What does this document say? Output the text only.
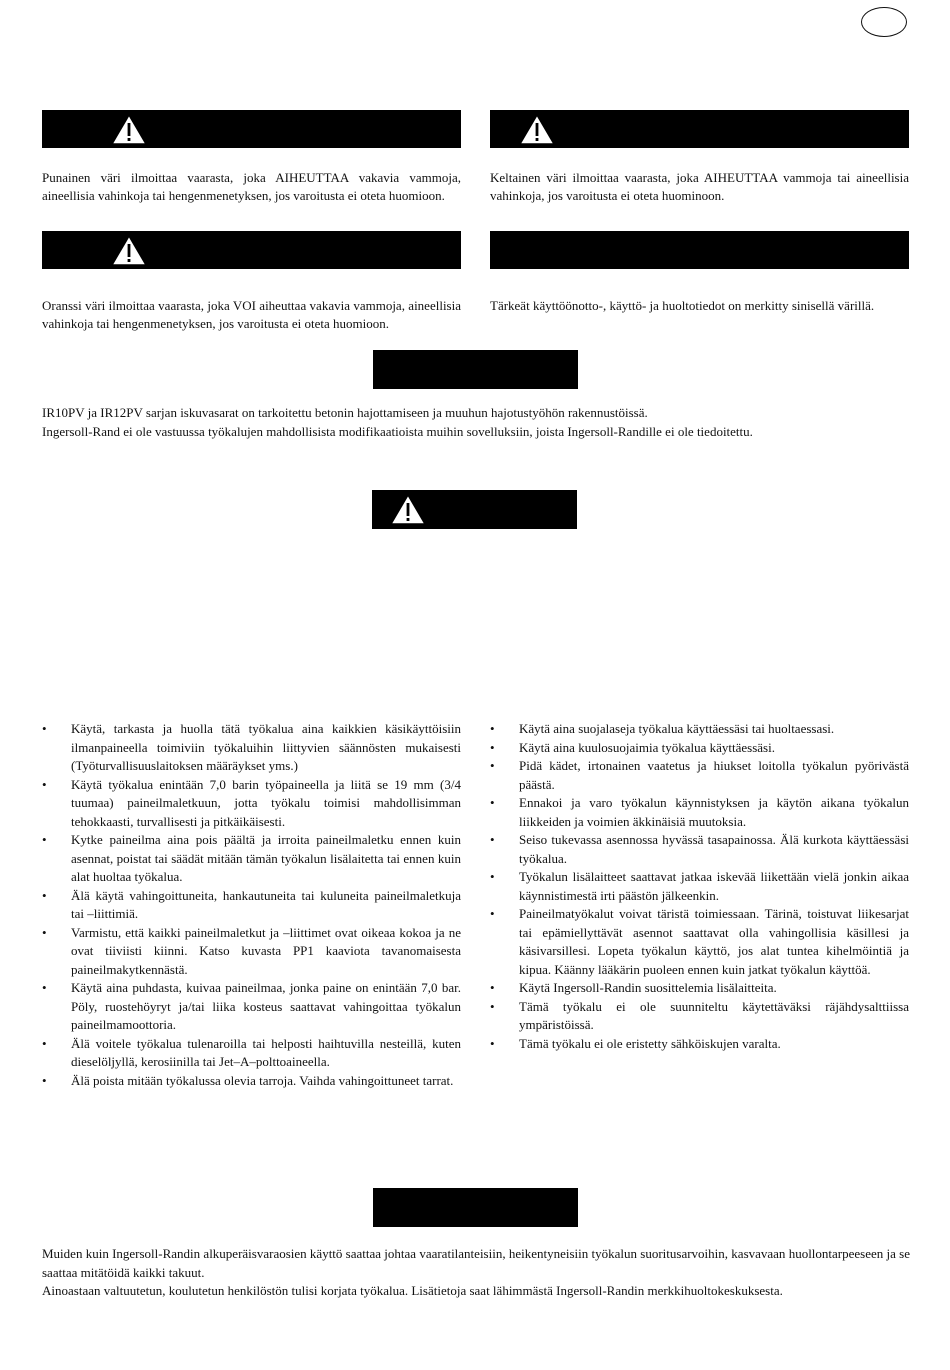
Punainen väri ilmoittaa vaarasta, joka AIHEUTTAA vakavia vammoja, aineellisia vahinkoja tai hengenmenetyksen, jos varoitusta ei oteta huomioon.

Keltainen väri ilmoittaa vaarasta, joka AIHEUTTAA vammoja tai aineellisia vahinkoja, jos varoitusta ei oteta huominoon.

Oranssi väri ilmoittaa vaarasta, joka VOI aiheuttaa vakavia vammoja, aineellisia vahinkoja tai hengenmenetyksen, jos varoitusta ei oteta huomioon.

Tärkeät käyttöönotto-, käyttö- ja huoltotiedot on merkitty sinisellä värillä.

IR10PV ja IR12PV sarjan iskuvasarat on tarkoitettu betonin hajottamiseen ja muuhun hajotustyöhön rakennustöissä.

Ingersoll-Rand ei ole vastuussa työkalujen mahdollisista modifikaatioista muihin sovelluksiin, joista Ingersoll-Randille ei ole tiedoitettu.

• Käytä, tarkasta ja huolla tätä työkalua aina kaikkien käsikäyttöisiin ilmanpaineella toimiviin työkaluihin liittyvien säännösten mukaisesti (Työturvallisuuslaitoksen määräykset yms.)
• Käytä työkalua enintään 7,0 barin työpaineella ja liitä se 19 mm (3/4 tuumaa) paineilmaletkuun, jotta työkalu toimisi mahdollisimman tehokkaasti, turvallisesti ja pitkäikäisesti.
• Kytke paineilma aina pois päältä ja irroita paineilmaletku ennen kuin asennat, poistat tai säädät mitään tämän työkalun lisälaitetta tai ennen kuin alat huoltaa työkalua.
• Älä käytä vahingoittuneita, hankautuneita tai kuluneita paineilmaletkuja tai –liittimiä.
• Varmistu, että kaikki paineilmaletkut ja –liittimet ovat oikeaa kokoa ja ne ovat tiiviisti kiinni. Katso kuvasta PP1 kaaviota tavanomaisesta paineilmakytkennästä.
• Käytä aina puhdasta, kuivaa paineilmaa, jonka paine on enintään 7,0 bar. Pöly, ruostehöyryt ja/tai liika kosteus saattavat vahingoittaa työkalun paineilmamoottoria.
• Älä voitele työkalua tulenaroilla tai helposti haihtuvilla nesteillä, kuten dieselöljyllä, kerosiinilla tai Jet–A–polttoaineella.
• Älä poista mitään työkalussa olevia tarroja. Vaihda vahingoittuneet tarrat.
• Käytä aina suojalaseja työkalua käyttäessäsi tai huoltaessasi.
• Käytä aina kuulosuojaimia työkalua käyttäessäsi.
• Pidä kädet, irtonainen vaatetus ja hiukset loitolla työkalun pyörivästä päästä.
• Ennakoi ja varo työkalun käynnistyksen ja käytön aikana työkalun liikkeiden ja voimien äkkinäisiä muutoksia.
• Seiso tukevassa asennossa hyvässä tasapainossa. Älä kurkota käyttäessäsi työkalua.
• Työkalun lisälaitteet saattavat jatkaa iskevää liikettään vielä jonkin aikaa käynnistimestä irti päästön jälkeenkin.
• Paineilmatyökalut voivat täristä toimiessaan. Tärinä, toistuvat liikesarjat tai epämiellyttävät asennot saattavat olla vahingollisia käsillesi ja käsivarsillesi. Lopeta työkalun käyttö, jos alat tuntea kihelmöintiä ja kipua. Käänny lääkärin puoleen ennen kuin jatkat työkalun käyttöä.
• Käytä Ingersoll-Randin suosittelemia lisälaitteita.
• Tämä työkalu ei ole suunniteltu käytettäväksi räjähdysalttiissa ympäristöissä.
• Tämä työkalu ei ole eristetty sähköiskujen varalta.

Muiden kuin Ingersoll-Randin alkuperäisvaraosien käyttö saattaa johtaa vaaratilanteisiin, heikentyneisiin työkalun suoritusarvoihin, kasvavaan huollontarpeeseen ja se saattaa mitätöidä kaikki takuut.

Ainoastaan valtuutetun, koulutetun henkilöstön tulisi korjata työkalua. Lisätietoja saat lähimmästä Ingersoll-Randin merkkihuoltokeskuksesta.
